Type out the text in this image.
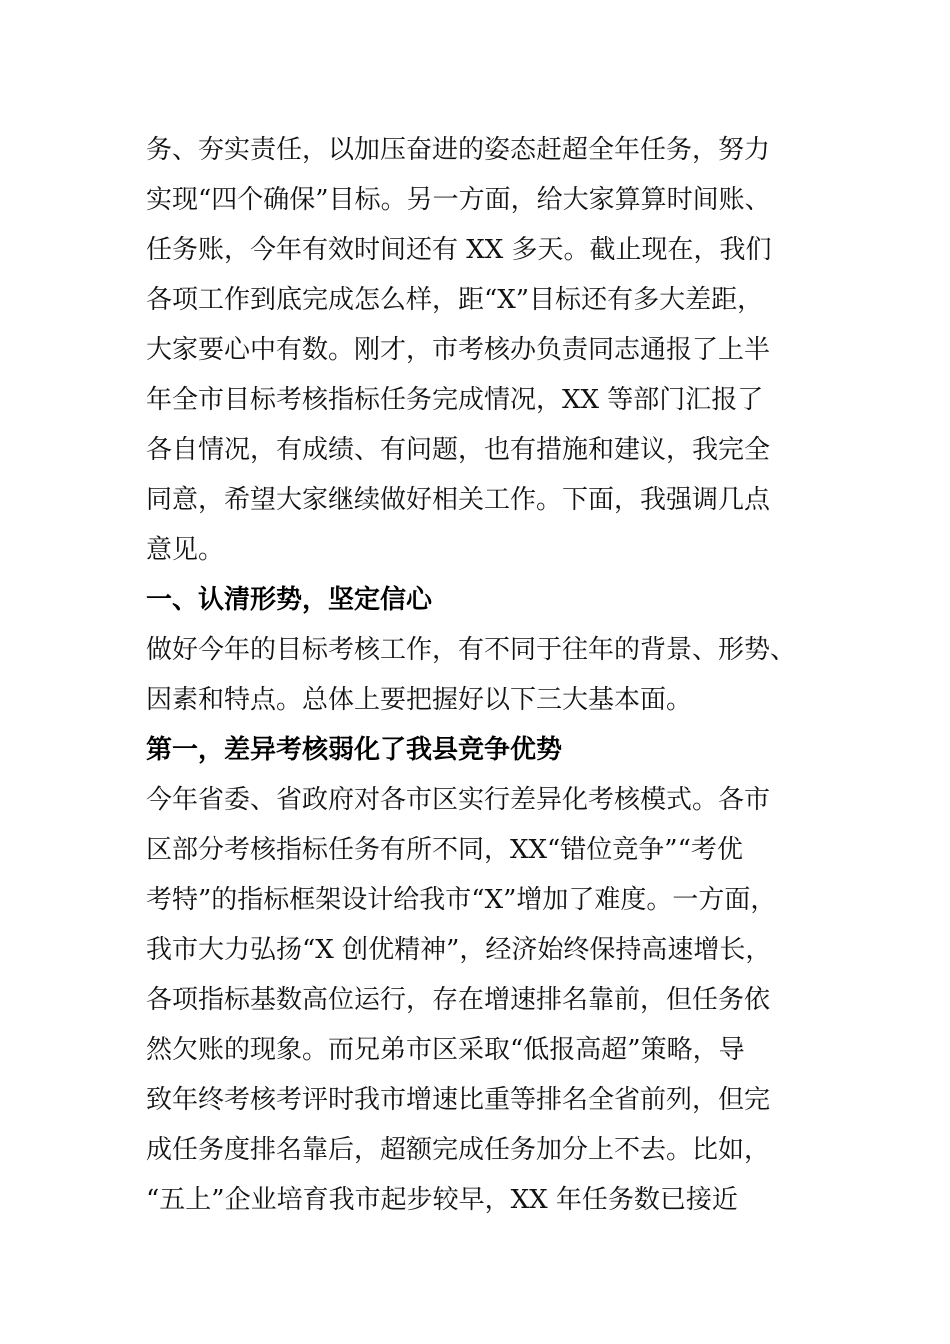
务、夯实责任，以加压奋进的姿态赶超全年任务，努力
实现“四个确保”目标。另一方面，给大家算算时间账、
任务账，今年有效时间还有 XX 多天。截止现在，我们
各项工作到底完成怎么样，距“X”目标还有多大差距，
大家要心中有数。刚才，市考核办负责同志通报了上半
年全市目标考核指标任务完成情况，XX 等部门汇报了
各自情况，有成绩、有问题，也有措施和建议，我完全
同意，希望大家继续做好相关工作。下面，我强调几点
意见。
一、认清形势，坚定信心
做好今年的目标考核工作，有不同于往年的背景、形势、
因素和特点。总体上要把握好以下三大基本面。
第一，差异考核弱化了我县竞争优势
今年省委、省政府对各市区实行差异化考核模式。各市
区部分考核指标任务有所不同，XX“错位竞争”“考优
考特”的指标框架设计给我市“X”增加了难度。一方面，
我市大力弘扬“X 创优精神”，经济始终保持高速增长，
各项指标基数高位运行，存在增速排名靠前，但任务依
然欠账的现象。而兄弟市区采取“低报高超”策略，导
致年终考核考评时我市增速比重等排名全省前列，但完
成任务度排名靠后，超额完成任务加分上不去。比如，
“五上”企业培育我市起步较早，XX 年任务数已接近
